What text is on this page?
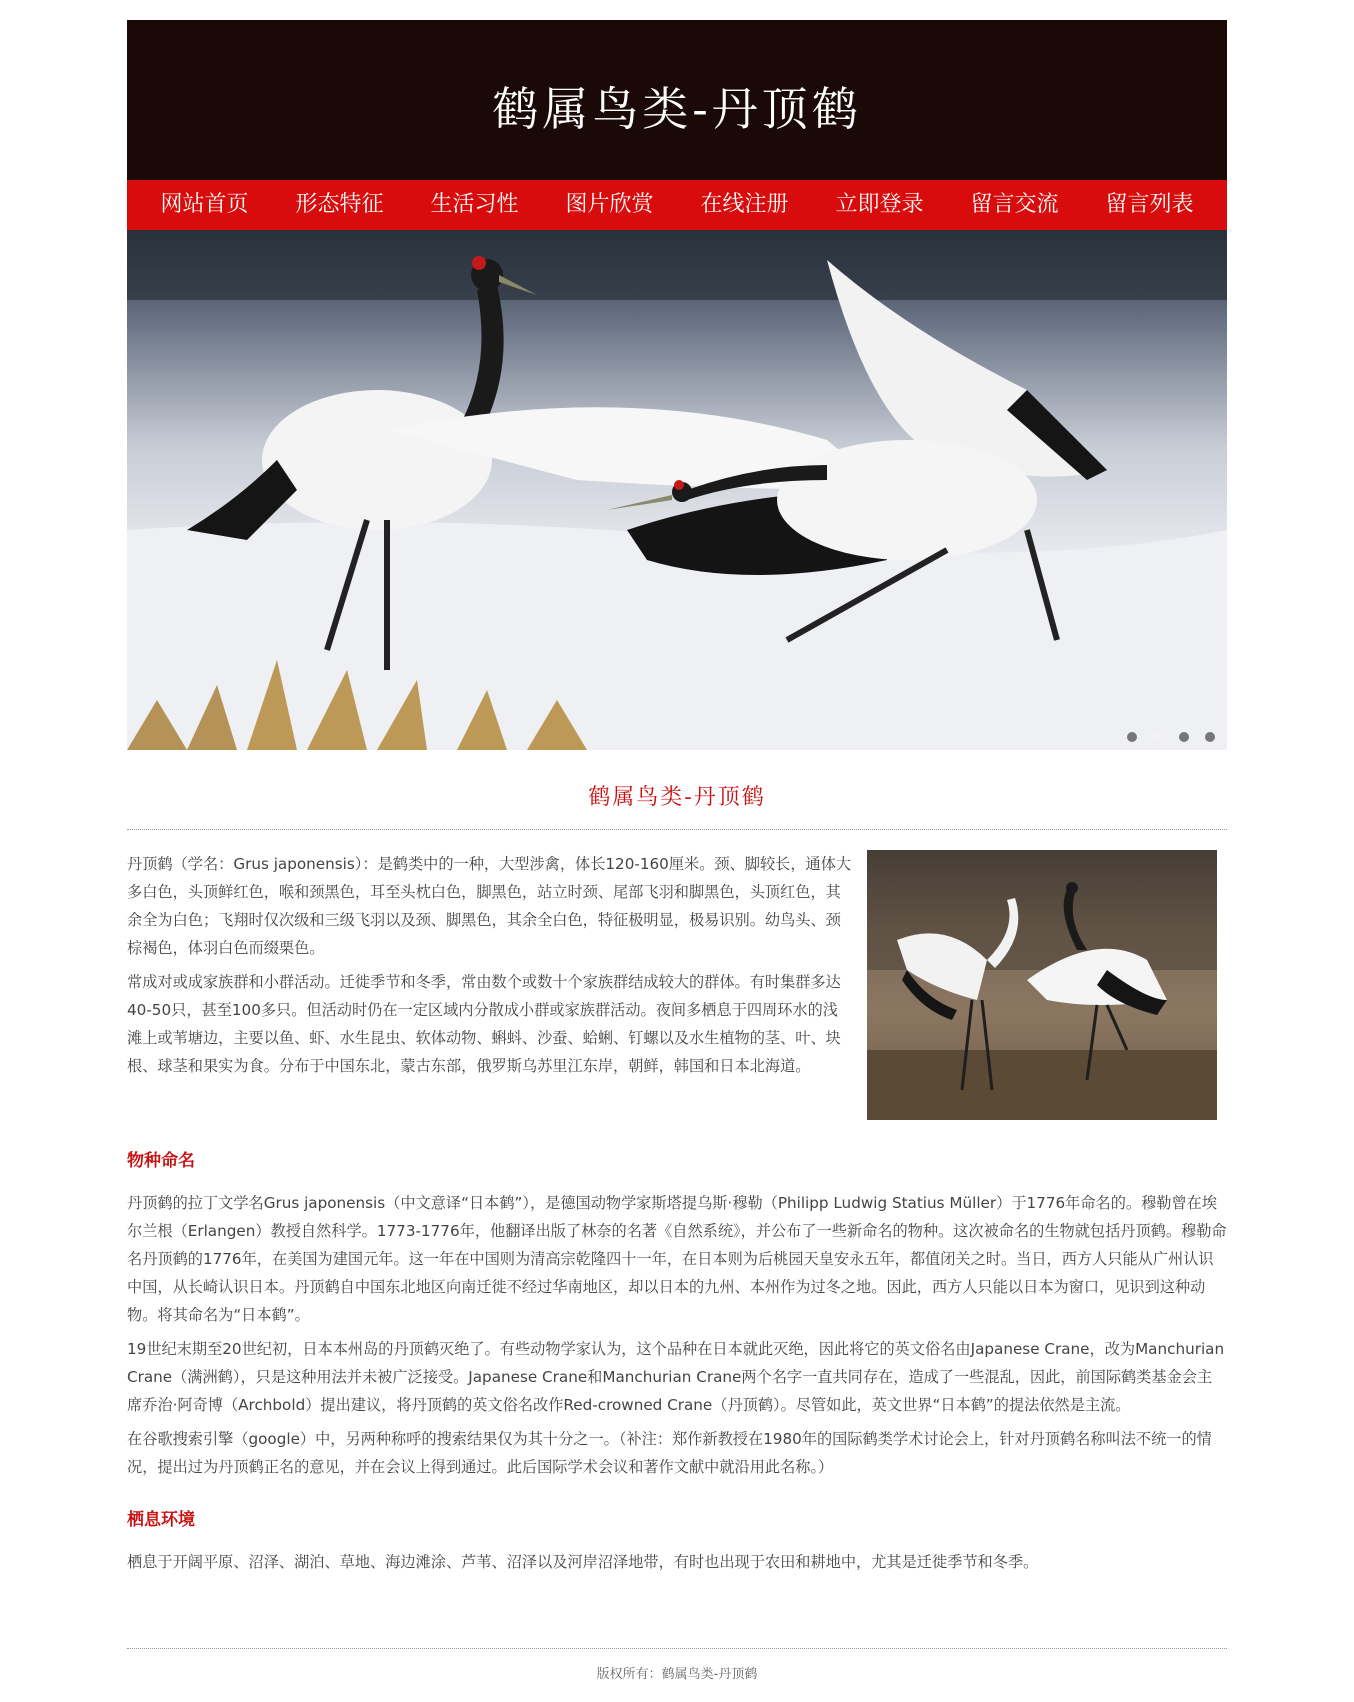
鹤属鸟类-丹顶鹤
网站首页	形态特征	生活习性	图片欣赏	在线注册	立即登录	留言交流	留言列表
鹤属鸟类-丹顶鹤

丹顶鹤（学名：Grus japonensis）：是鹤类中的一种，大型涉禽，体长120-160厘米。颈、脚较长，通体大多白色，头顶鲜红色，喉和颈黑色，耳至头枕白色，脚黑色，站立时颈、尾部飞羽和脚黑色，头顶红色，其余全为白色；飞翔时仅次级和三级飞羽以及颈、脚黑色，其余全白色，特征极明显，极易识别。幼鸟头、颈棕褐色，体羽白色而缀栗色。

常成对或成家族群和小群活动。迁徙季节和冬季，常由数个或数十个家族群结成较大的群体。有时集群多达40-50只，甚至100多只。但活动时仍在一定区域内分散成小群或家族群活动。夜间多栖息于四周环水的浅滩上或苇塘边，主要以鱼、虾、水生昆虫、软体动物、蝌蚪、沙蚕、蛤蜊、钉螺以及水生植物的茎、叶、块根、球茎和果实为食。分布于中国东北，蒙古东部，俄罗斯乌苏里江东岸，朝鲜，韩国和日本北海道。

物种命名

丹顶鹤的拉丁文学名Grus japonensis（中文意译“日本鹤”），是德国动物学家斯塔提乌斯·穆勒（Philipp Ludwig Statius Müller）于1776年命名的。穆勒曾在埃尔兰根（Erlangen）教授自然科学。1773-1776年，他翻译出版了林奈的名著《自然系统》，并公布了一些新命名的物种。这次被命名的生物就包括丹顶鹤。穆勒命名丹顶鹤的1776年，在美国为建国元年。这一年在中国则为清高宗乾隆四十一年，在日本则为后桃园天皇安永五年，都值闭关之时。当日，西方人只能从广州认识中国，从长崎认识日本。丹顶鹤自中国东北地区向南迁徙不经过华南地区，却以日本的九州、本州作为过冬之地。因此，西方人只能以日本为窗口，见识到这种动物。将其命名为“日本鹤”。

19世纪末期至20世纪初，日本本州岛的丹顶鹤灭绝了。有些动物学家认为，这个品种在日本就此灭绝，因此将它的英文俗名由Japanese Crane，改为Manchurian Crane（满洲鹤），只是这种用法并未被广泛接受。Japanese Crane和Manchurian Crane两个名字一直共同存在，造成了一些混乱，因此，前国际鹤类基金会主席乔治·阿奇博（Archbold）提出建议，将丹顶鹤的英文俗名改作Red-crowned Crane（丹顶鹤）。尽管如此，英文世界“日本鹤”的提法依然是主流。

在谷歌搜索引擎（google）中，另两种称呼的搜索结果仅为其十分之一。（补注：郑作新教授在1980年的国际鹤类学术讨论会上，针对丹顶鹤名称叫法不统一的情况，提出过为丹顶鹤正名的意见，并在会议上得到通过。此后国际学术会议和著作文献中就沿用此名称。）

栖息环境

栖息于开阔平原、沼泽、湖泊、草地、海边滩涂、芦苇、沼泽以及河岸沼泽地带，有时也出现于农田和耕地中，尤其是迁徙季节和冬季。

版权所有：鹤属鸟类-丹顶鹤
